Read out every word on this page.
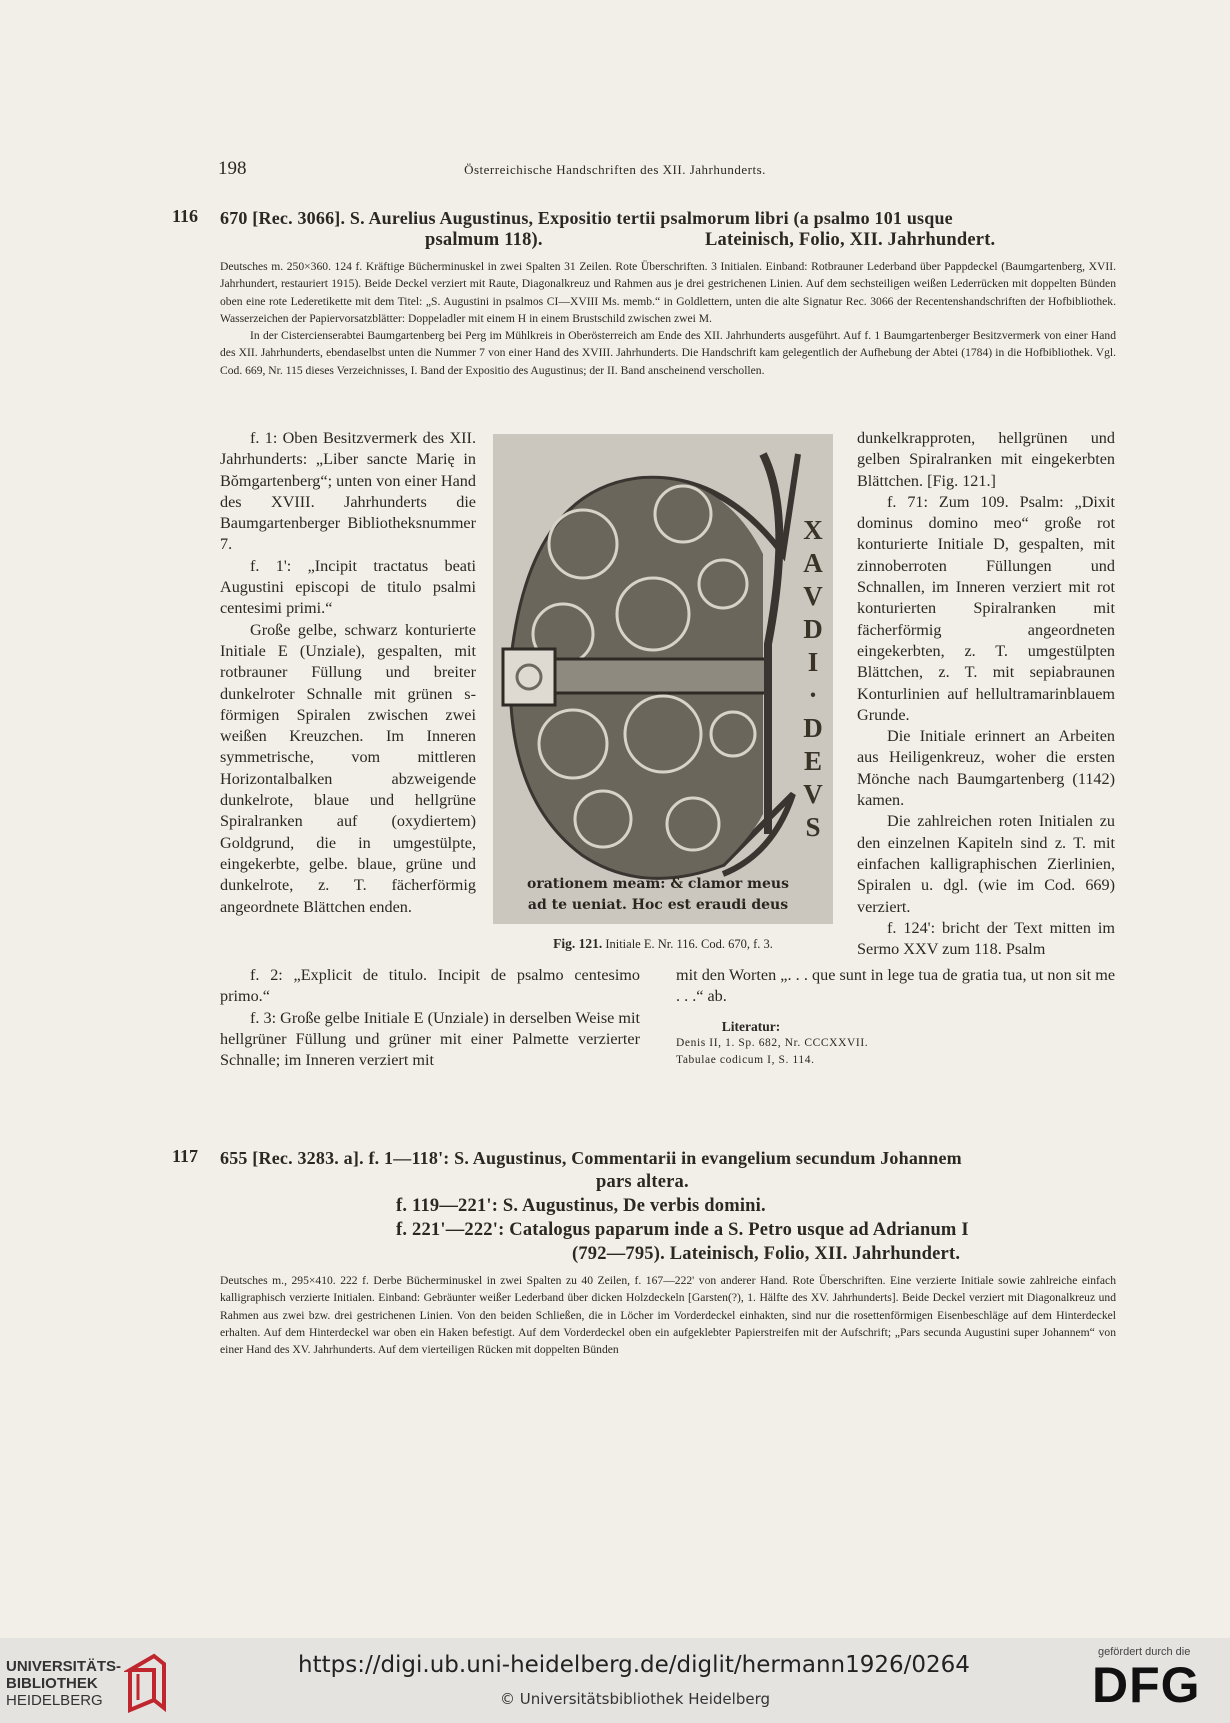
198	Österreichische Handschriften des XII. Jahrhunderts.
116 670 [Rec. 3066]. S. Aurelius Augustinus, Expositio tertii psalmorum libri (a psalmo 101 usque
psalmum 118).	Lateinisch, Folio, XII. Jahrhundert.

Deutsches m. 250×360. 124 f. Kräftige Bücherminuskel in zwei Spalten 31 Zeilen. Rote Überschriften. 3 Initialen. Einband: Rotbrauner Lederband über Pappdeckel (Baumgartenberg, XVII. Jahrhundert, restauriert 1915). Beide Deckel verziert mit Raute, Diagonalkreuz und Rahmen aus je drei gestrichenen Linien. Auf dem sechsteiligen weißen Lederrücken mit doppelten Bünden oben eine rote Lederetikette mit dem Titel: „S. Augustini in psalmos CI—XVIII Ms. memb.“ in Goldlettern, unten die alte Signatur Rec. 3066 der Recentenshandschriften der Hofbibliothek. Wasserzeichen der Papiervorsatzblätter: Doppeladler mit einem H in einem Brustschild zwischen zwei M.

In der Cistercienserabtei Baumgartenberg bei Perg im Mühlkreis in Oberösterreich am Ende des XII. Jahrhunderts ausgeführt. Auf f. 1 Baumgartenberger Besitzvermerk von einer Hand des XII. Jahrhunderts, ebendaselbst unten die Nummer 7 von einer Hand des XVIII. Jahrhunderts. Die Handschrift kam gelegentlich der Aufhebung der Abtei (1784) in die Hofbibliothek. Vgl. Cod. 669, Nr. 115 dieses Verzeichnisses, I. Band der Expositio des Augustinus; der II. Band anscheinend verschollen.

f. 1: Oben Besitzvermerk des XII. Jahrhunderts: „Liber sancte Marię in Bŏmgartenberg“; unten von einer Hand des XVIII. Jahrhunderts die Baumgartenberger Bibliotheksnummer 7.

f. 1': „Incipit tractatus beati Augustini episcopi de titulo psalmi centesimi primi.“

Große gelbe, schwarz konturierte Initiale E (Unziale), gespalten, mit rotbrauner Füllung und breiter dunkelroter Schnalle mit grünen s-förmigen Spiralen zwischen zwei weißen Kreuzchen. Im Inneren symmetrische, vom mittleren Horizontalbalken abzweigende dunkelrote, blaue und hellgrüne Spiralranken auf (oxydiertem) Goldgrund, die in umgestülpte, eingekerbte, gelbe. blaue, grüne und dunkelrote, z. T. fächerförmig angeordnete Blättchen enden.

X
A
V
D
I
·
D
E
V
S
orationem meam: & clamor meus
ad te ueniat. Hoc est eraudi deus
Fig. 121. Initiale E. Nr. 116. Cod. 670, f. 3.

dunkelkrapproten, hellgrünen und gelben Spiralranken mit eingekerbten Blättchen. [Fig. 121.]

f. 71: Zum 109. Psalm: „Dixit dominus domino meo“ große rot konturierte Initiale D, gespalten, mit zinnoberroten Füllungen und Schnallen, im Inneren verziert mit rot konturierten Spiralranken mit fächerförmig angeordneten eingekerbten, z. T. umgestülpten Blättchen, z. T. mit sepiabraunen Konturlinien auf hellultramarinblauem Grunde.

Die Initiale erinnert an Arbeiten aus Heiligenkreuz, woher die ersten Mönche nach Baumgartenberg (1142) kamen.

Die zahlreichen roten Initialen zu den einzelnen Kapiteln sind z. T. mit einfachen kalligraphischen Zierlinien, Spiralen u. dgl. (wie im Cod. 669) verziert.

f. 124': bricht der Text mitten im Sermo XXV zum 118. Psalm

f. 2: „Explicit de titulo. Incipit de psalmo centesimo primo.“

f. 3: Große gelbe Initiale E (Unziale) in derselben Weise mit hellgrüner Füllung und grüner mit einer Palmette verzierter Schnalle; im Inneren verziert mit

mit den Worten „. . . que sunt in lege tua de gratia tua, ut non sit me . . .“ ab.

Literatur:
Denis II, 1. Sp. 682, Nr. CCCXXVII.
Tabulae codicum I, S. 114.
117 655 [Rec. 3283. a]. f. 1—118': S. Augustinus, Commentarii in evangelium secundum Johannem
pars altera.
f. 119—221': S. Augustinus, De verbis domini.
f. 221'—222': Catalogus paparum inde a S. Petro usque ad Adrianum I
(792—795). Lateinisch, Folio, XII. Jahrhundert.

Deutsches m., 295×410. 222 f. Derbe Bücherminuskel in zwei Spalten zu 40 Zeilen, f. 167—222' von anderer Hand. Rote Überschriften. Eine verzierte Initiale sowie zahlreiche einfach kalligraphisch verzierte Initialen. Einband: Gebräunter weißer Lederband über dicken Holzdeckeln [Garsten(?), 1. Hälfte des XV. Jahrhunderts]. Beide Deckel verziert mit Diagonalkreuz und Rahmen aus zwei bzw. drei gestrichenen Linien. Von den beiden Schließen, die in Löcher im Vorderdeckel einhakten, sind nur die rosettenförmigen Eisenbeschläge auf dem Hinterdeckel erhalten. Auf dem Hinterdeckel war oben ein Haken befestigt. Auf dem Vorderdeckel oben ein aufgeklebter Papierstreifen mit der Aufschrift; „Pars secunda Augustini super Johannem“ von einer Hand des XV. Jahrhunderts. Auf dem vierteiligen Rücken mit doppelten Bünden

UNIVERSITÄTS-
BIBLIOTHEK
HEIDELBERG
https://digi.ub.uni-heidelberg.de/diglit/hermann1926/0264
© Universitätsbibliothek Heidelberg
gefördert durch die
DFG
